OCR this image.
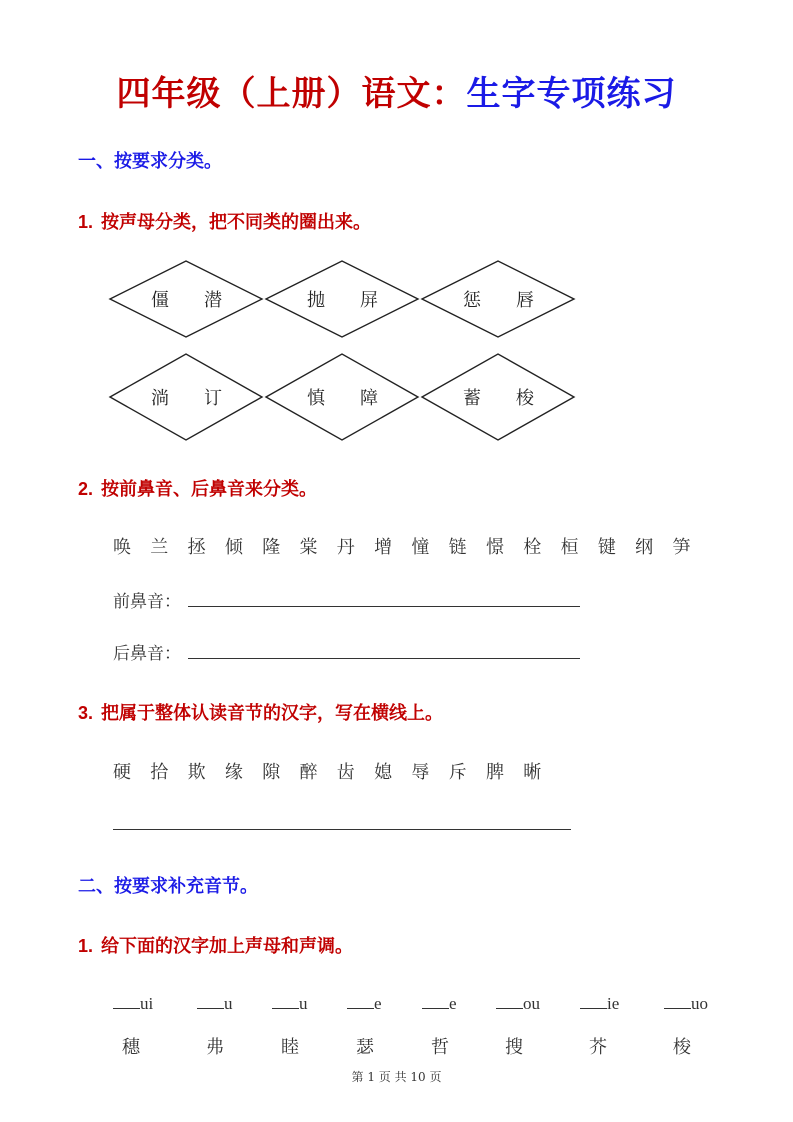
四年级（上册）语文：生字专项练习
一、按要求分类。
1. 按声母分类，把不同类的圈出来。
僵 潜	抛 屏	惩 唇
淌 订	慎 障	蓄 梭
2. 按前鼻音、后鼻音来分类。
唤 兰 拯 倾 隆 棠 丹 增 憧 链 憬 栓 桓 键 纲 笋
前鼻音：
后鼻音：
3. 把属于整体认读音节的汉字，写在横线上。
硬 拾 欺 缘 隙 醉 齿 媳 辱 斥 脾 晰
二、按要求补充音节。
1. 给下面的汉字加上声母和声调。
ui	u	u	e	e	ou	ie	uo
穗	弗	睦	瑟	哲	搜	芥	梭
第 1 页 共 10 页
